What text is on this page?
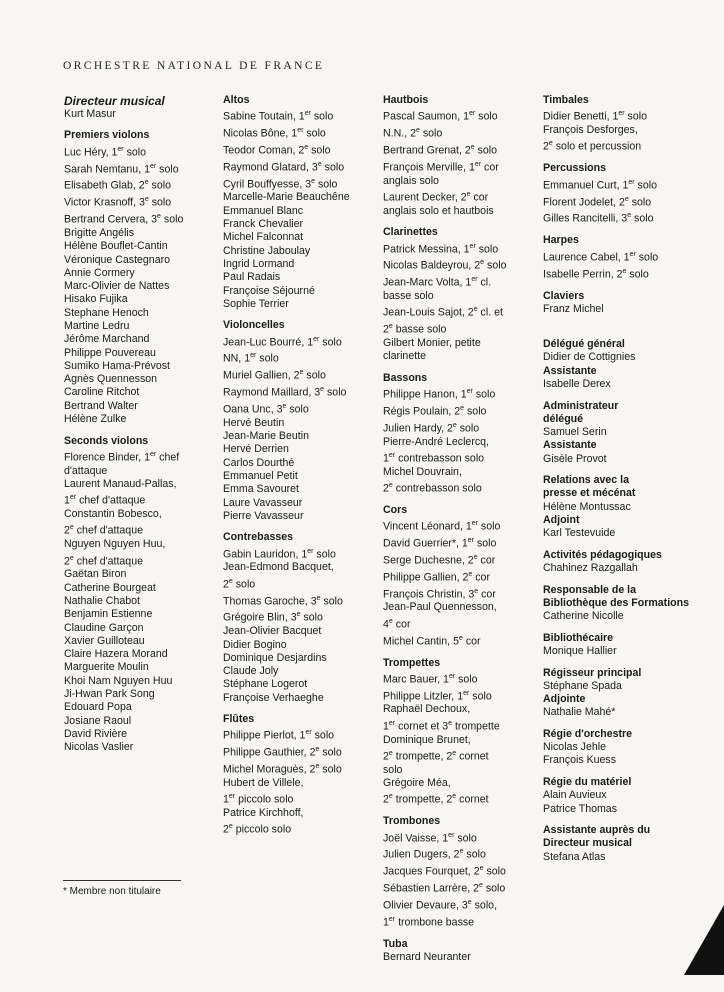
ORCHESTRE NATIONAL DE FRANCE
Directeur musical
Kurt Masur
Premiers violons
Luc Héry, 1er solo
Sarah Nemtanu, 1er solo
Elisabeth Glab, 2e solo
Victor Krasnoff, 3e solo
Bertrand Cervera, 3e solo
Brigitte Angélis
Hélène Bouflet-Cantin
Véronique Castegnaro
Annie Cormery
Marc-Olivier de Nattes
Hisako Fujika
Stephane Henoch
Martine Ledru
Jérôme Marchand
Philippe Pouvereau
Sumiko Hama-Prévost
Agnès Quennesson
Caroline Ritchot
Bertrand Walter
Hélène Zulke
Seconds violons
Florence Binder, 1er chef
d'attaque
Laurent Manaud-Pallas,
1er chef d'attaque
Constantin Bobesco,
2e chef d'attaque
Nguyen Nguyen Huu,
2e chef d'attaque
Gaëtan Biron
Catherine Bourgeat
Nathalie Chabot
Benjamin Estienne
Claudine Garçon
Xavier Guilloteau
Claire Hazera Morand
Marguerite Moulin
Khoi Nam Nguyen Huu
Ji-Hwan Park Song
Edouard Popa
Josiane Raoul
David Rivière
Nicolas Vaslier
Altos
Sabine Toutain, 1er solo
Nicolas Bône, 1er solo
Teodor Coman, 2e solo
Raymond Glatard, 3e solo
Cyril Bouffyesse, 3e solo
Marcelle-Marie Beauchêne
Emmanuel Blanc
Franck Chevalier
Michel Falconnat
Christine Jaboulay
Ingrid Lormand
Paul Radais
Françoise Séjourné
Sophie Terrier
Violoncelles
Jean-Luc Bourré, 1er solo
NN, 1er solo
Muriel Gallien, 2e solo
Raymond Maillard, 3e solo
Oana Unc, 3e solo
Hervé Beutin
Jean-Marie Beutin
Hervé Derrien
Carlos Dourthé
Emmanuel Petit
Emma Savouret
Laure Vavasseur
Pierre Vavasseur
Contrebasses
Gabin Lauridon, 1er solo
Jean-Edmond Bacquet,
2e solo
Thomas Garoche, 3e solo
Grégoire Blin, 3e solo
Jean-Olivier Bacquet
Didier Bogino
Dominique Desjardins
Claude Joly
Stéphane Logerot
Françoise Verhaeghe
Flûtes
Philippe Pierlot, 1er solo
Philippe Gauthier, 2e solo
Michel Moraguès, 2e solo
Hubert de Villele,
1er piccolo solo
Patrice Kirchhoff,
2e piccolo solo
Hautbois
Pascal Saumon, 1er solo
N.N., 2e solo
Bertrand Grenat, 2e solo
François Merville, 1er cor
anglais solo
Laurent Decker, 2e cor
anglais solo et hautbois
Clarinettes
Patrick Messina, 1er solo
Nicolas Baldeyrou, 2e solo
Jean-Marc Volta, 1er cl.
basse solo
Jean-Louis Sajot, 2e cl. et
2e basse solo
Gilbert Monier, petite
clarinette
Bassons
Philippe Hanon, 1er solo
Régis Poulain, 2e solo
Julien Hardy, 2e solo
Pierre-André Leclercq,
1er contrebasson solo
Michel Douvrain,
2e contrebasson solo
Cors
Vincent Léonard, 1er solo
David Guerrier*, 1er solo
Serge Duchesne, 2e cor
Philippe Gallien, 2e cor
François Christin, 3e cor
Jean-Paul Quennesson,
4e cor
Michel Cantin, 5e cor
Trompettes
Marc Bauer, 1er solo
Philippe Litzler, 1er solo
Raphaël Dechoux,
1er cornet et 3e trompette
Dominique Brunet,
2e trompette, 2e cornet
solo
Grégoire Méa,
2e trompette, 2e cornet
Trombones
Joël Vaisse, 1er solo
Julien Dugers, 2e solo
Jacques Fourquet, 2e solo
Sébastien Larrère, 2e solo
Olivier Devaure, 3e solo,
1er trombone basse
Tuba
Bernard Neuranter
Timbales
Didier Benetti, 1er solo
François Desforges,
2e solo et percussion
Percussions
Emmanuel Curt, 1er solo
Florent Jodelet, 2e solo
Gilles Rancitelli, 3e solo
Harpes
Laurence Cabel, 1er solo
Isabelle Perrin, 2e solo
Claviers
Franz Michel
Délégué général
Didier de Cottignies
Assistante
Isabelle Derex
Administrateur
délégué
Samuel Serin
Assistante
Gisèle Provot
Relations avec la
presse et mécénat
Hélène Montussac
Adjoint
Karl Testevuide
Activités pédagogiques
Chahinez Razgallah
Responsable de la
Bibliothèque des Formations
Catherine Nicolle
Bibliothécaire
Monique Hallier
Régisseur principal
Stéphane Spada
Adjointe
Nathalie Mahé*
Régie d'orchestre
Nicolas Jehle
François Kuess
Régie du matériel
Alain Auvieux
Patrice Thomas
Assistante auprès du
Directeur musical
Stefana Atlas
* Membre non titulaire
